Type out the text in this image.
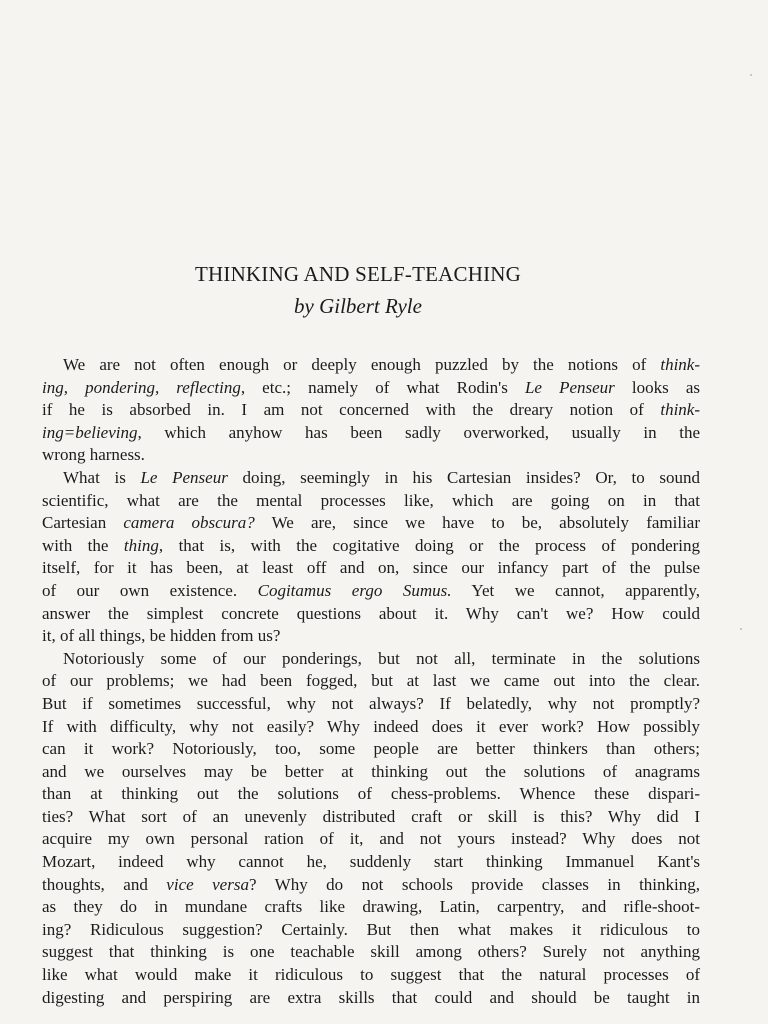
THINKING AND SELF-TEACHING
by Gilbert Ryle
We are not often enough or deeply enough puzzled by the notions of think-
ing, pondering, reflecting, etc.; namely of what Rodin's Le Penseur looks as
if he is absorbed in. I am not concerned with the dreary notion of think-
ing=believing, which anyhow has been sadly overworked, usually in the
wrong harness.
What is Le Penseur doing, seemingly in his Cartesian insides? Or, to sound
scientific, what are the mental processes like, which are going on in that
Cartesian camera obscura? We are, since we have to be, absolutely familiar
with the thing, that is, with the cogitative doing or the process of pondering
itself, for it has been, at least off and on, since our infancy part of the pulse
of our own existence. Cogitamus ergo Sumus. Yet we cannot, apparently,
answer the simplest concrete questions about it. Why can't we? How could
it, of all things, be hidden from us?
Notoriously some of our ponderings, but not all, terminate in the solutions
of our problems; we had been fogged, but at last we came out into the clear.
But if sometimes successful, why not always? If belatedly, why not promptly?
If with difficulty, why not easily? Why indeed does it ever work? How possibly
can it work? Notoriously, too, some people are better thinkers than others;
and we ourselves may be better at thinking out the solutions of anagrams
than at thinking out the solutions of chess-problems. Whence these dispari-
ties? What sort of an unevenly distributed craft or skill is this? Why did I
acquire my own personal ration of it, and not yours instead? Why does not
Mozart, indeed why cannot he, suddenly start thinking Immanuel Kant's
thoughts, and vice versa? Why do not schools provide classes in thinking,
as they do in mundane crafts like drawing, Latin, carpentry, and rifle-shoot-
ing? Ridiculous suggestion? Certainly. But then what makes it ridiculous to
suggest that thinking is one teachable skill among others? Surely not anything
like what would make it ridiculous to suggest that the natural processes of
digesting and perspiring are extra skills that could and should be taught in
